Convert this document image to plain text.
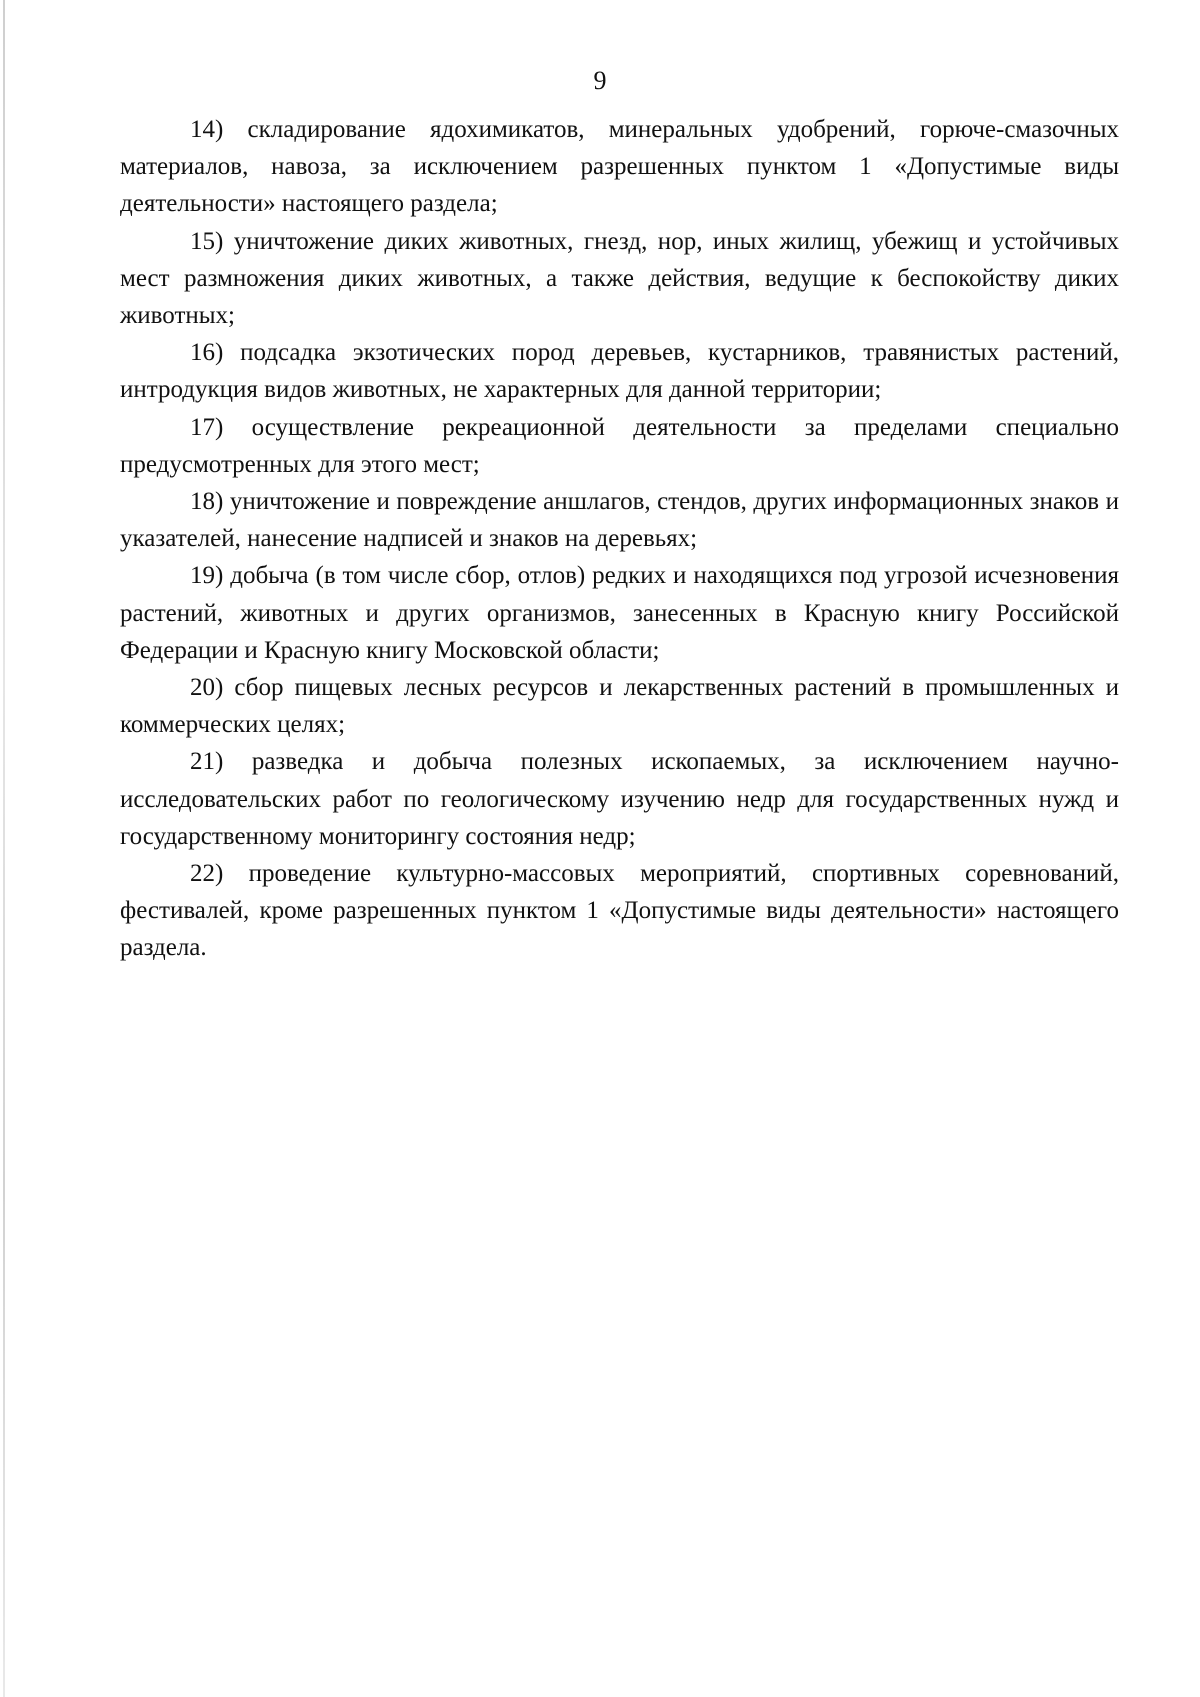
9

14) складирование ядохимикатов, минеральных удобрений, горюче-смазочных материалов, навоза, за исключением разрешенных пунктом 1 «Допустимые виды деятельности» настоящего раздела;

15) уничтожение диких животных, гнезд, нор, иных жилищ, убежищ и устойчивых мест размножения диких животных, а также действия, ведущие к беспокойству диких животных;

16) подсадка экзотических пород деревьев, кустарников, травянистых растений, интродукция видов животных, не характерных для данной территории;

17) осуществление рекреационной деятельности за пределами специально предусмотренных для этого мест;

18) уничтожение и повреждение аншлагов, стендов, других информационных знаков и указателей, нанесение надписей и знаков на деревьях;

19) добыча (в том числе сбор, отлов) редких и находящихся под угрозой исчезновения растений, животных и других организмов, занесенных в Красную книгу Российской Федерации и Красную книгу Московской области;

20) сбор пищевых лесных ресурсов и лекарственных растений в промышленных и коммерческих целях;

21) разведка и добыча полезных ископаемых, за исключением научно-исследовательских работ по геологическому изучению недр для государственных нужд и государственному мониторингу состояния недр;

22) проведение культурно-массовых мероприятий, спортивных соревнований, фестивалей, кроме разрешенных пунктом 1 «Допустимые виды деятельности» настоящего раздела.
